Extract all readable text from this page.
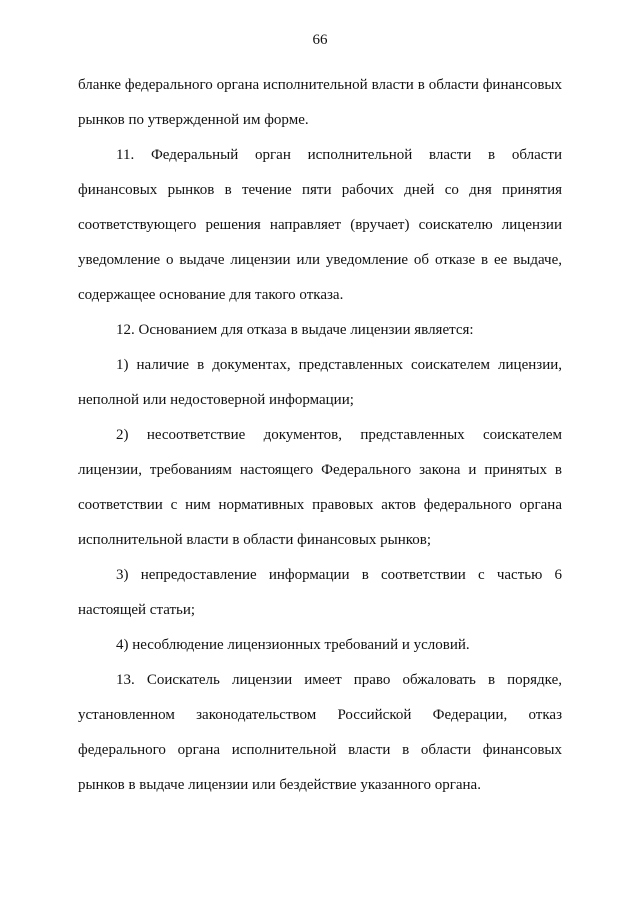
66
бланке федерального органа исполнительной власти в области финансовых
рынков по утвержденной им форме.
11. Федеральный орган исполнительной власти в области
финансовых рынков в течение пяти рабочих дней со дня принятия
соответствующего решения направляет (вручает) соискателю лицензии
уведомление о выдаче лицензии или уведомление об отказе в ее выдаче,
содержащее основание для такого отказа.
12. Основанием для отказа в выдаче лицензии является:
1) наличие в документах, представленных соискателем лицензии,
неполной или недостоверной информации;
2) несоответствие документов, представленных соискателем
лицензии, требованиям настоящего Федерального закона и принятых в
соответствии с ним нормативных правовых актов федерального органа
исполнительной власти в области финансовых рынков;
3) непредоставление информации в соответствии с частью 6
настоящей статьи;
4) несоблюдение лицензионных требований и условий.
13. Соискатель лицензии имеет право обжаловать в порядке,
установленном законодательством Российской Федерации, отказ
федерального органа исполнительной власти в области финансовых
рынков в выдаче лицензии или бездействие указанного органа.
